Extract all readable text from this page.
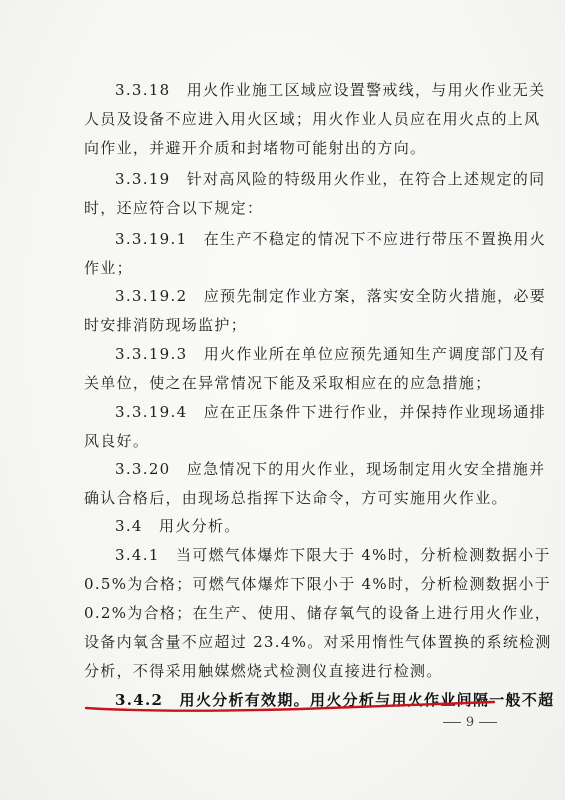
3.3.18　用火作业施工区域应设置警戒线，与用火作业无关
人员及设备不应进入用火区域；用火作业人员应在用火点的上风
向作业，并避开介质和封堵物可能射出的方向。
3.3.19　针对高风险的特级用火作业，在符合上述规定的同
时，还应符合以下规定：
3.3.19.1　在生产不稳定的情况下不应进行带压不置换用火
作业；
3.3.19.2　应预先制定作业方案，落实安全防火措施，必要
时安排消防现场监护；
3.3.19.3　用火作业所在单位应预先通知生产调度部门及有
关单位，使之在异常情况下能及采取相应在的应急措施；
3.3.19.4　应在正压条件下进行作业，并保持作业现场通排
风良好。
3.3.20　应急情况下的用火作业，现场制定用火安全措施并
确认合格后，由现场总指挥下达命令，方可实施用火作业。
3.4　用火分析。
3.4.1　当可燃气体爆炸下限大于 4%时，分析检测数据小于
0.5%为合格；可燃气体爆炸下限小于 4%时，分析检测数据小于
0.2%为合格；在生产、使用、储存氧气的设备上进行用火作业，
设备内氧含量不应超过 23.4%。对采用惰性气体置换的系统检测
分析，不得采用触媒燃烧式检测仪直接进行检测。
3.4.2　用火分析有效期。用火分析与用火作业间隔一般不超
9
